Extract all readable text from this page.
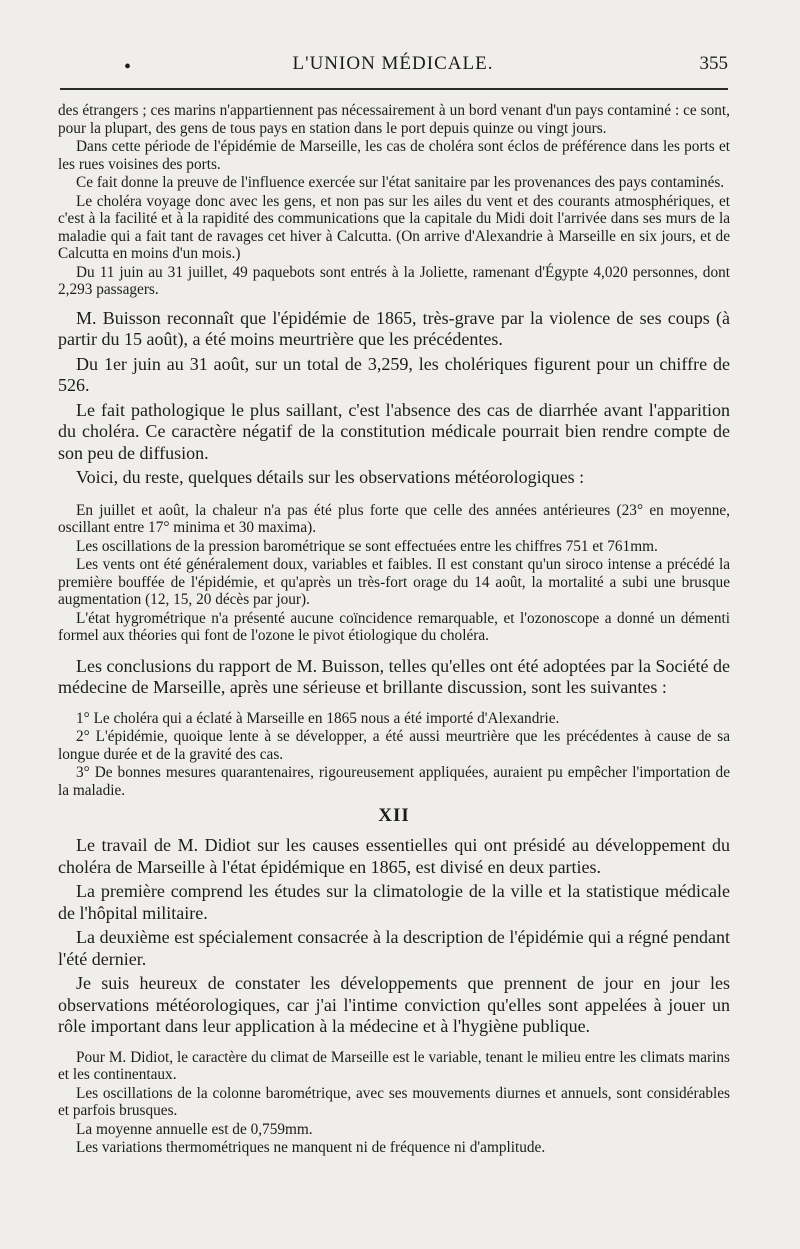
•	L'UNION MÉDICALE.	355

des étrangers ; ces marins n'appartiennent pas nécessairement à un bord venant d'un pays contaminé : ce sont, pour la plupart, des gens de tous pays en station dans le port depuis quinze ou vingt jours.

Dans cette période de l'épidémie de Marseille, les cas de choléra sont éclos de préférence dans les ports et les rues voisines des ports.

Ce fait donne la preuve de l'influence exercée sur l'état sanitaire par les provenances des pays contaminés.

Le choléra voyage donc avec les gens, et non pas sur les ailes du vent et des courants atmosphériques, et c'est à la facilité et à la rapidité des communications que la capitale du Midi doit l'arrivée dans ses murs de la maladie qui a fait tant de ravages cet hiver à Calcutta. (On arrive d'Alexandrie à Marseille en six jours, et de Calcutta en moins d'un mois.)

Du 11 juin au 31 juillet, 49 paquebots sont entrés à la Joliette, ramenant d'Égypte 4,020 personnes, dont 2,293 passagers.

M. Buisson reconnaît que l'épidémie de 1865, très-grave par la violence de ses coups (à partir du 15 août), a été moins meurtrière que les précédentes.

Du 1er juin au 31 août, sur un total de 3,259, les cholériques figurent pour un chiffre de 526.

Le fait pathologique le plus saillant, c'est l'absence des cas de diarrhée avant l'apparition du choléra. Ce caractère négatif de la constitution médicale pourrait bien rendre compte de son peu de diffusion.

Voici, du reste, quelques détails sur les observations météorologiques :

En juillet et août, la chaleur n'a pas été plus forte que celle des années antérieures (23° en moyenne, oscillant entre 17° minima et 30 maxima).

Les oscillations de la pression barométrique se sont effectuées entre les chiffres 751 et 761mm.

Les vents ont été généralement doux, variables et faibles. Il est constant qu'un siroco intense a précédé la première bouffée de l'épidémie, et qu'après un très-fort orage du 14 août, la mortalité a subi une brusque augmentation (12, 15, 20 décès par jour).

L'état hygrométrique n'a présenté aucune coïncidence remarquable, et l'ozonoscope a donné un démenti formel aux théories qui font de l'ozone le pivot étiologique du choléra.

Les conclusions du rapport de M. Buisson, telles qu'elles ont été adoptées par la Société de médecine de Marseille, après une sérieuse et brillante discussion, sont les suivantes :

1° Le choléra qui a éclaté à Marseille en 1865 nous a été importé d'Alexandrie.

2° L'épidémie, quoique lente à se développer, a été aussi meurtrière que les précédentes à cause de sa longue durée et de la gravité des cas.

3° De bonnes mesures quarantenaires, rigoureusement appliquées, auraient pu empêcher l'importation de la maladie.

XII

Le travail de M. Didiot sur les causes essentielles qui ont présidé au développement du choléra de Marseille à l'état épidémique en 1865, est divisé en deux parties.

La première comprend les études sur la climatologie de la ville et la statistique médicale de l'hôpital militaire.

La deuxième est spécialement consacrée à la description de l'épidémie qui a régné pendant l'été dernier.

Je suis heureux de constater les développements que prennent de jour en jour les observations météorologiques, car j'ai l'intime conviction qu'elles sont appelées à jouer un rôle important dans leur application à la médecine et à l'hygiène publique.

Pour M. Didiot, le caractère du climat de Marseille est le variable, tenant le milieu entre les climats marins et les continentaux.

Les oscillations de la colonne barométrique, avec ses mouvements diurnes et annuels, sont considérables et parfois brusques.

La moyenne annuelle est de 0,759mm.

Les variations thermométriques ne manquent ni de fréquence ni d'amplitude.
